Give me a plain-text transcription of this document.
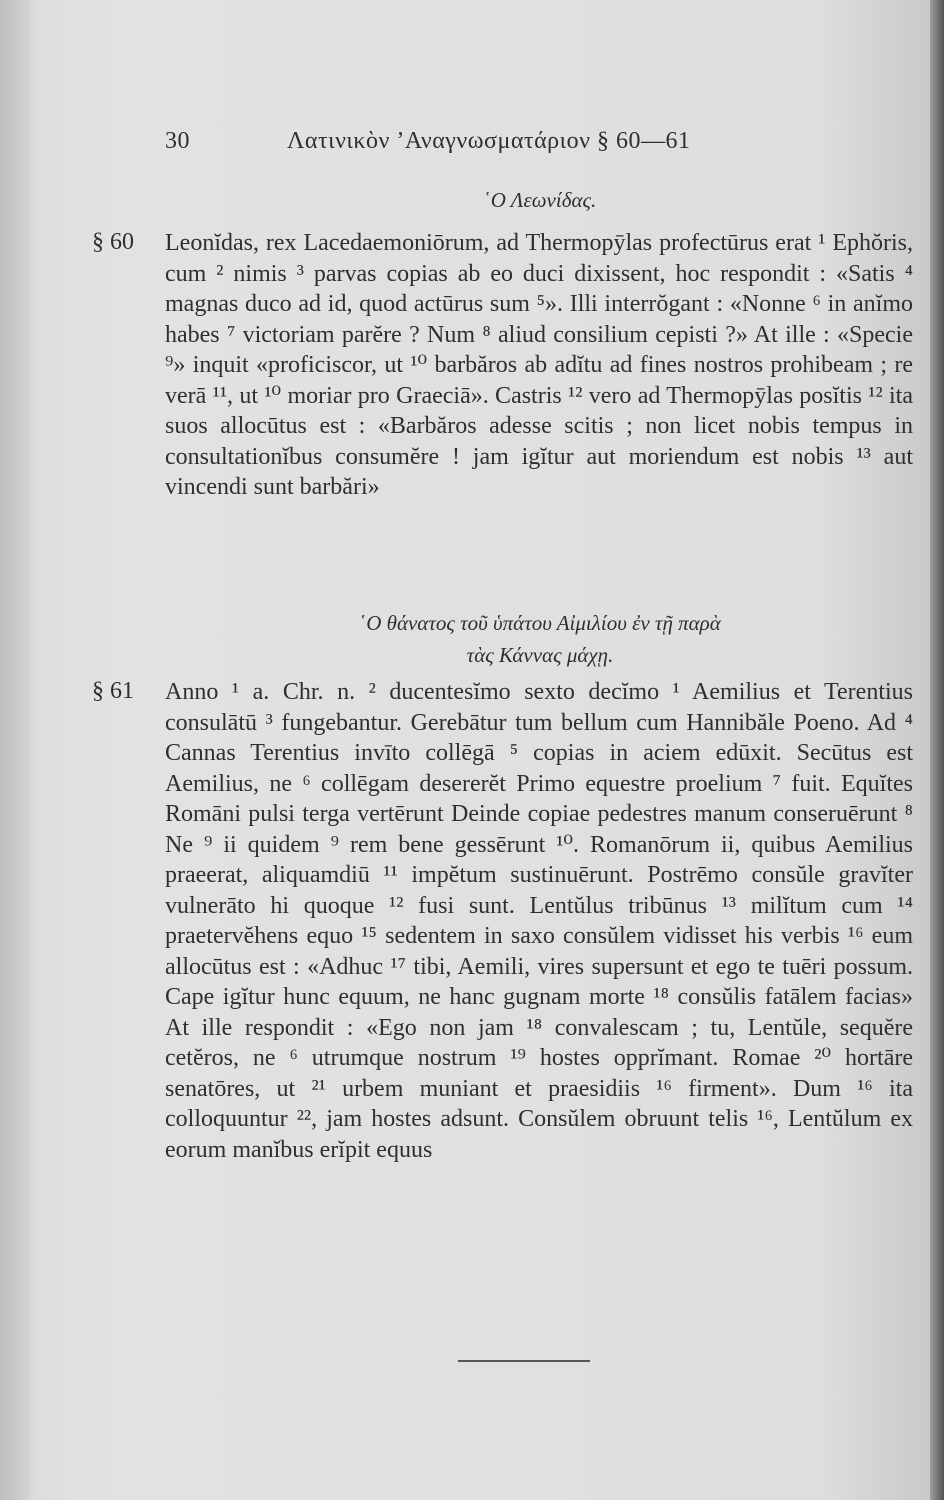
30	Λατινικὸν ’Αναγνωσματάριον § 60—61
῾Ο Λεωνίδας.
§ 60 Leonĭdas, rex Lacedaemoniōrum, ad Thermopȳlas profectūrus erat ¹ Ephŏris, cum ² nimis ³ parvas copias ab eo duci dixissent, hoc respondit : «Satis ⁴ magnas duco ad id, quod actūrus sum ⁵». Illi interrŏgant : «Nonne ⁶ in anĭmo habes ⁷ victoriam parĕre ? Num ⁸ aliud consilium cepisti ?» At ille : «Specie ⁹» inquit «proficiscor, ut ¹⁰ barbăros ab adĭtu ad fines nostros prohibeam ; re verā ¹¹, ut ¹⁰ moriar pro Graeciā». Castris ¹² vero ad Thermopȳlas posĭtis ¹² ita suos allocūtus est : «Barbăros adesse scitis ; non licet nobis tempus in consultationĭbus consumĕre ! jam igĭtur aut moriendum est nobis ¹³ aut vincendi sunt barbări»
῾Ο θάνατος τοῦ ὑπάτου Αἰμιλίου ἐν τῇ παρὰ
τὰς Κάννας μάχῃ.
§ 61 Anno ¹ a. Chr. n. ² ducentesĭmo sexto decĭmo ¹ Aemilius et Terentius consulātū ³ fungebantur. Gerebātur tum bellum cum Hannibăle Poeno. Ad ⁴ Cannas Terentius invīto collēgā ⁵ copias in aciem edūxit. Secūtus est Aemilius, ne ⁶ collēgam desererĕt Primo equestre proelium ⁷ fuit. Equĭtes Romāni pulsi terga vertērunt Deinde copiae pedestres manum conseruērunt ⁸ Ne ⁹ ii quidem ⁹ rem bene gessērunt ¹⁰. Romanōrum ii, quibus Aemilius praeerat, aliquamdiū ¹¹ impĕtum sustinuērunt. Postrēmo consŭle gravĭter vulnerāto hi quoque ¹² fusi sunt. Lentŭlus tribūnus ¹³ milĭtum cum ¹⁴ praetervĕhens equo ¹⁵ sedentem in saxo consŭlem vidisset his verbis ¹⁶ eum allocūtus est : «Adhuc ¹⁷ tibi, Aemili, vires supersunt et ego te tuēri possum. Cape igĭtur hunc equum, ne hanc gugnam morte ¹⁸ consŭlis fatālem facias» At ille respondit : «Ego non jam ¹⁸ convalescam ; tu, Lentŭle, sequĕre cetĕros, ne ⁶ utrumque nostrum ¹⁹ hostes opprĭmant. Romae ²⁰ hortāre senatōres, ut ²¹ urbem muniant et praesidiis ¹⁶ firment». Dum ¹⁶ ita colloquuntur ²², jam hostes adsunt. Consŭlem obruunt telis ¹⁶, Lentŭlum ex eorum manĭbus erĭpit equus
